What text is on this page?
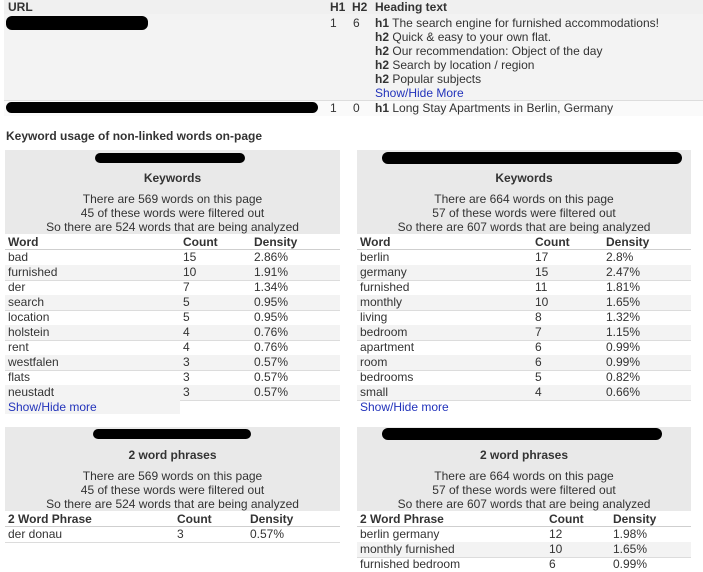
URL	H1 H2 Heading text
1 6 h1 The search engine for furnished accommodations!
h2 Quick & easy to your own flat.
h2 Our recommendation: Object of the day
h2 Search by location / region
h2 Popular subjects
Show/Hide More
1 0 h1 Long Stay Apartments in Berlin, Germany
Keyword usage of non-linked words on-page
Keywords
There are 569 words on this page
45 of these words were filtered out
So there are 524 words that are being analyzed
Word	Count	Density
bad	15	2.86%
furnished	10	1.91%
der	7	1.34%
search	5	0.95%
location	5	0.95%
holstein	4	0.76%
rent	4	0.76%
westfalen	3	0.57%
flats	3	0.57%
neustadt	3	0.57%
Show/Hide more
Keywords
There are 664 words on this page
57 of these words were filtered out
So there are 607 words that are being analyzed
Word	Count	Density
berlin	17	2.8%
germany	15	2.47%
furnished	11	1.81%
monthly	10	1.65%
living	8	1.32%
bedroom	7	1.15%
apartment	6	0.99%
room	6	0.99%
bedrooms	5	0.82%
small	4	0.66%
Show/Hide more
2 word phrases
There are 569 words on this page
45 of these words were filtered out
So there are 524 words that are being analyzed
2 Word Phrase	Count	Density
der donau	3	0.57%
2 word phrases
There are 664 words on this page
57 of these words were filtered out
So there are 607 words that are being analyzed
2 Word Phrase	Count Density
berlin germany	12	1.98%
monthly furnished	10	1.65%
furnished bedroom	6	0.99%
